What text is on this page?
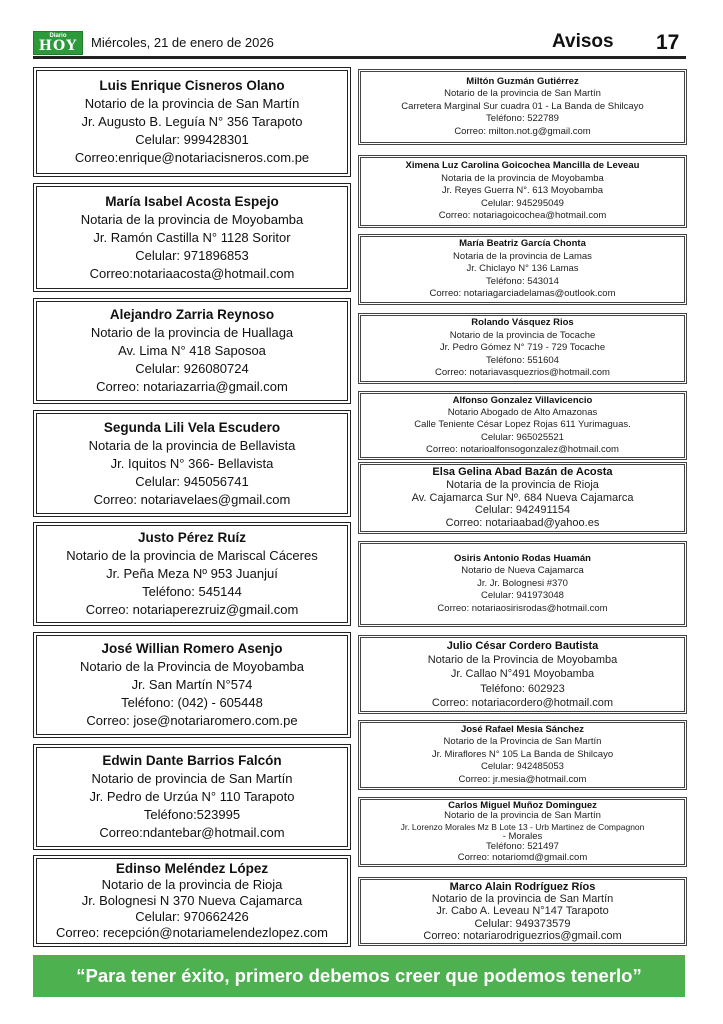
Diario
HOY	Miércoles, 21 de enero de 2026	Avisos 17
Luis Enrique Cisneros Olano
Notario de la provincia de San Martín
Jr. Augusto B. Leguía N° 356 Tarapoto
Celular: 999428301
Correo:enrique@notariacisneros.com.pe
María Isabel Acosta Espejo
Notaria de la provincia de Moyobamba
Jr. Ramón Castilla N° 1128 Soritor
Celular: 971896853
Correo:notariaacosta@hotmail.com
Alejandro Zarria Reynoso
Notario de la provincia de Huallaga
Av. Lima N° 418 Saposoa
Celular: 926080724
Correo: notariazarria@gmail.com
Segunda Lili Vela Escudero
Notaria de la provincia de Bellavista
Jr. Iquitos N° 366- Bellavista
Celular: 945056741
Correo: notariavelaes@gmail.com
Justo Pérez Ruíz
Notario de la provincia de Mariscal Cáceres
Jr. Peña Meza Nº 953 Juanjuí
Teléfono: 545144
Correo: notariaperezruiz@gmail.com
José Willian Romero Asenjo
Notario de la Provincia de Moyobamba
Jr. San Martín N°574
Teléfono: (042) - 605448
Correo: jose@notariaromero.com.pe
Edwin Dante Barrios Falcón
Notario de provincia de San Martín
Jr. Pedro de Urzúa N° 110 Tarapoto
Teléfono:523995
Correo:ndantebar@hotmail.com
Edinso Meléndez López
Notario de la provincia de Rioja
Jr. Bolognesi N 370 Nueva Cajamarca
Celular: 970662426
Correo: recepción@notariamelendezlopez.com
Miltón Guzmán Gutiérrez
Notario de la provincia de San Martín
Carretera Marginal Sur cuadra 01 - La Banda de Shilcayo
Teléfono: 522789
Correo: milton.not.g@gmail.com
Ximena Luz Carolina Goicochea Mancilla de Leveau
Notaria de la provincia de Moyobamba
Jr. Reyes Guerra N°. 613 Moyobamba
Celular: 945295049
Correo: notariagoicochea@hotmail.com
María Beatriz García Chonta
Notaria de la provincia de Lamas
Jr. Chiclayo N° 136 Lamas
Teléfono: 543014
Correo: notariagarciadelamas@outlook.com
Rolando Vásquez Rios
Notario de la provincia de Tocache
Jr. Pedro Gómez N° 719 - 729 Tocache
Teléfono: 551604
Correo: notariavasquezrios@hotmail.com
Alfonso Gonzalez Villavicencio
Notario Abogado de Alto Amazonas
Calle Teniente César Lopez Rojas 611 Yurimaguas.
Celular: 965025521
Correo: notarioalfonsogonzalez@hotmail.com
Elsa Gelina Abad Bazán de Acosta
Notaria de la provincia de Rioja
Av. Cajamarca Sur Nº. 684 Nueva Cajamarca
Celular: 942491154
Correo: notariaabad@yahoo.es
Osiris Antonio Rodas Huamán
Notario de Nueva Cajamarca
Jr. Jr. Bolognesi #370
Celular: 941973048
Correo: notariaosirisrodas@hotmail.com
Julio César Cordero Bautista
Notario de la Provincia de Moyobamba
Jr. Callao N°491 Moyobamba
Teléfono: 602923
Correo: notariacordero@hotmail.com
José Rafael Mesia Sánchez
Notario de la Provincia de San Martín
Jr. Miraflores N° 105 La Banda de Shilcayo
Celular: 942485053
Correo: jr.mesia@hotmail.com
Carlos Miguel Muñoz Dominguez
Notario de la provincia de San Martín
Jr. Lorenzo Morales Mz B Lote 13 - Urb Martinez de Compagnon
- Morales
Teléfono: 521497
Correo: notariomd@gmail.com
Marco Alain Rodríguez Ríos
Notario de la provincia de San Martín
Jr. Cabo A. Leveau N°147 Tarapoto
Celular: 949373579
Correo: notariarodriguezrios@gmail.com
“Para tener éxito, primero debemos creer que podemos tenerlo”
